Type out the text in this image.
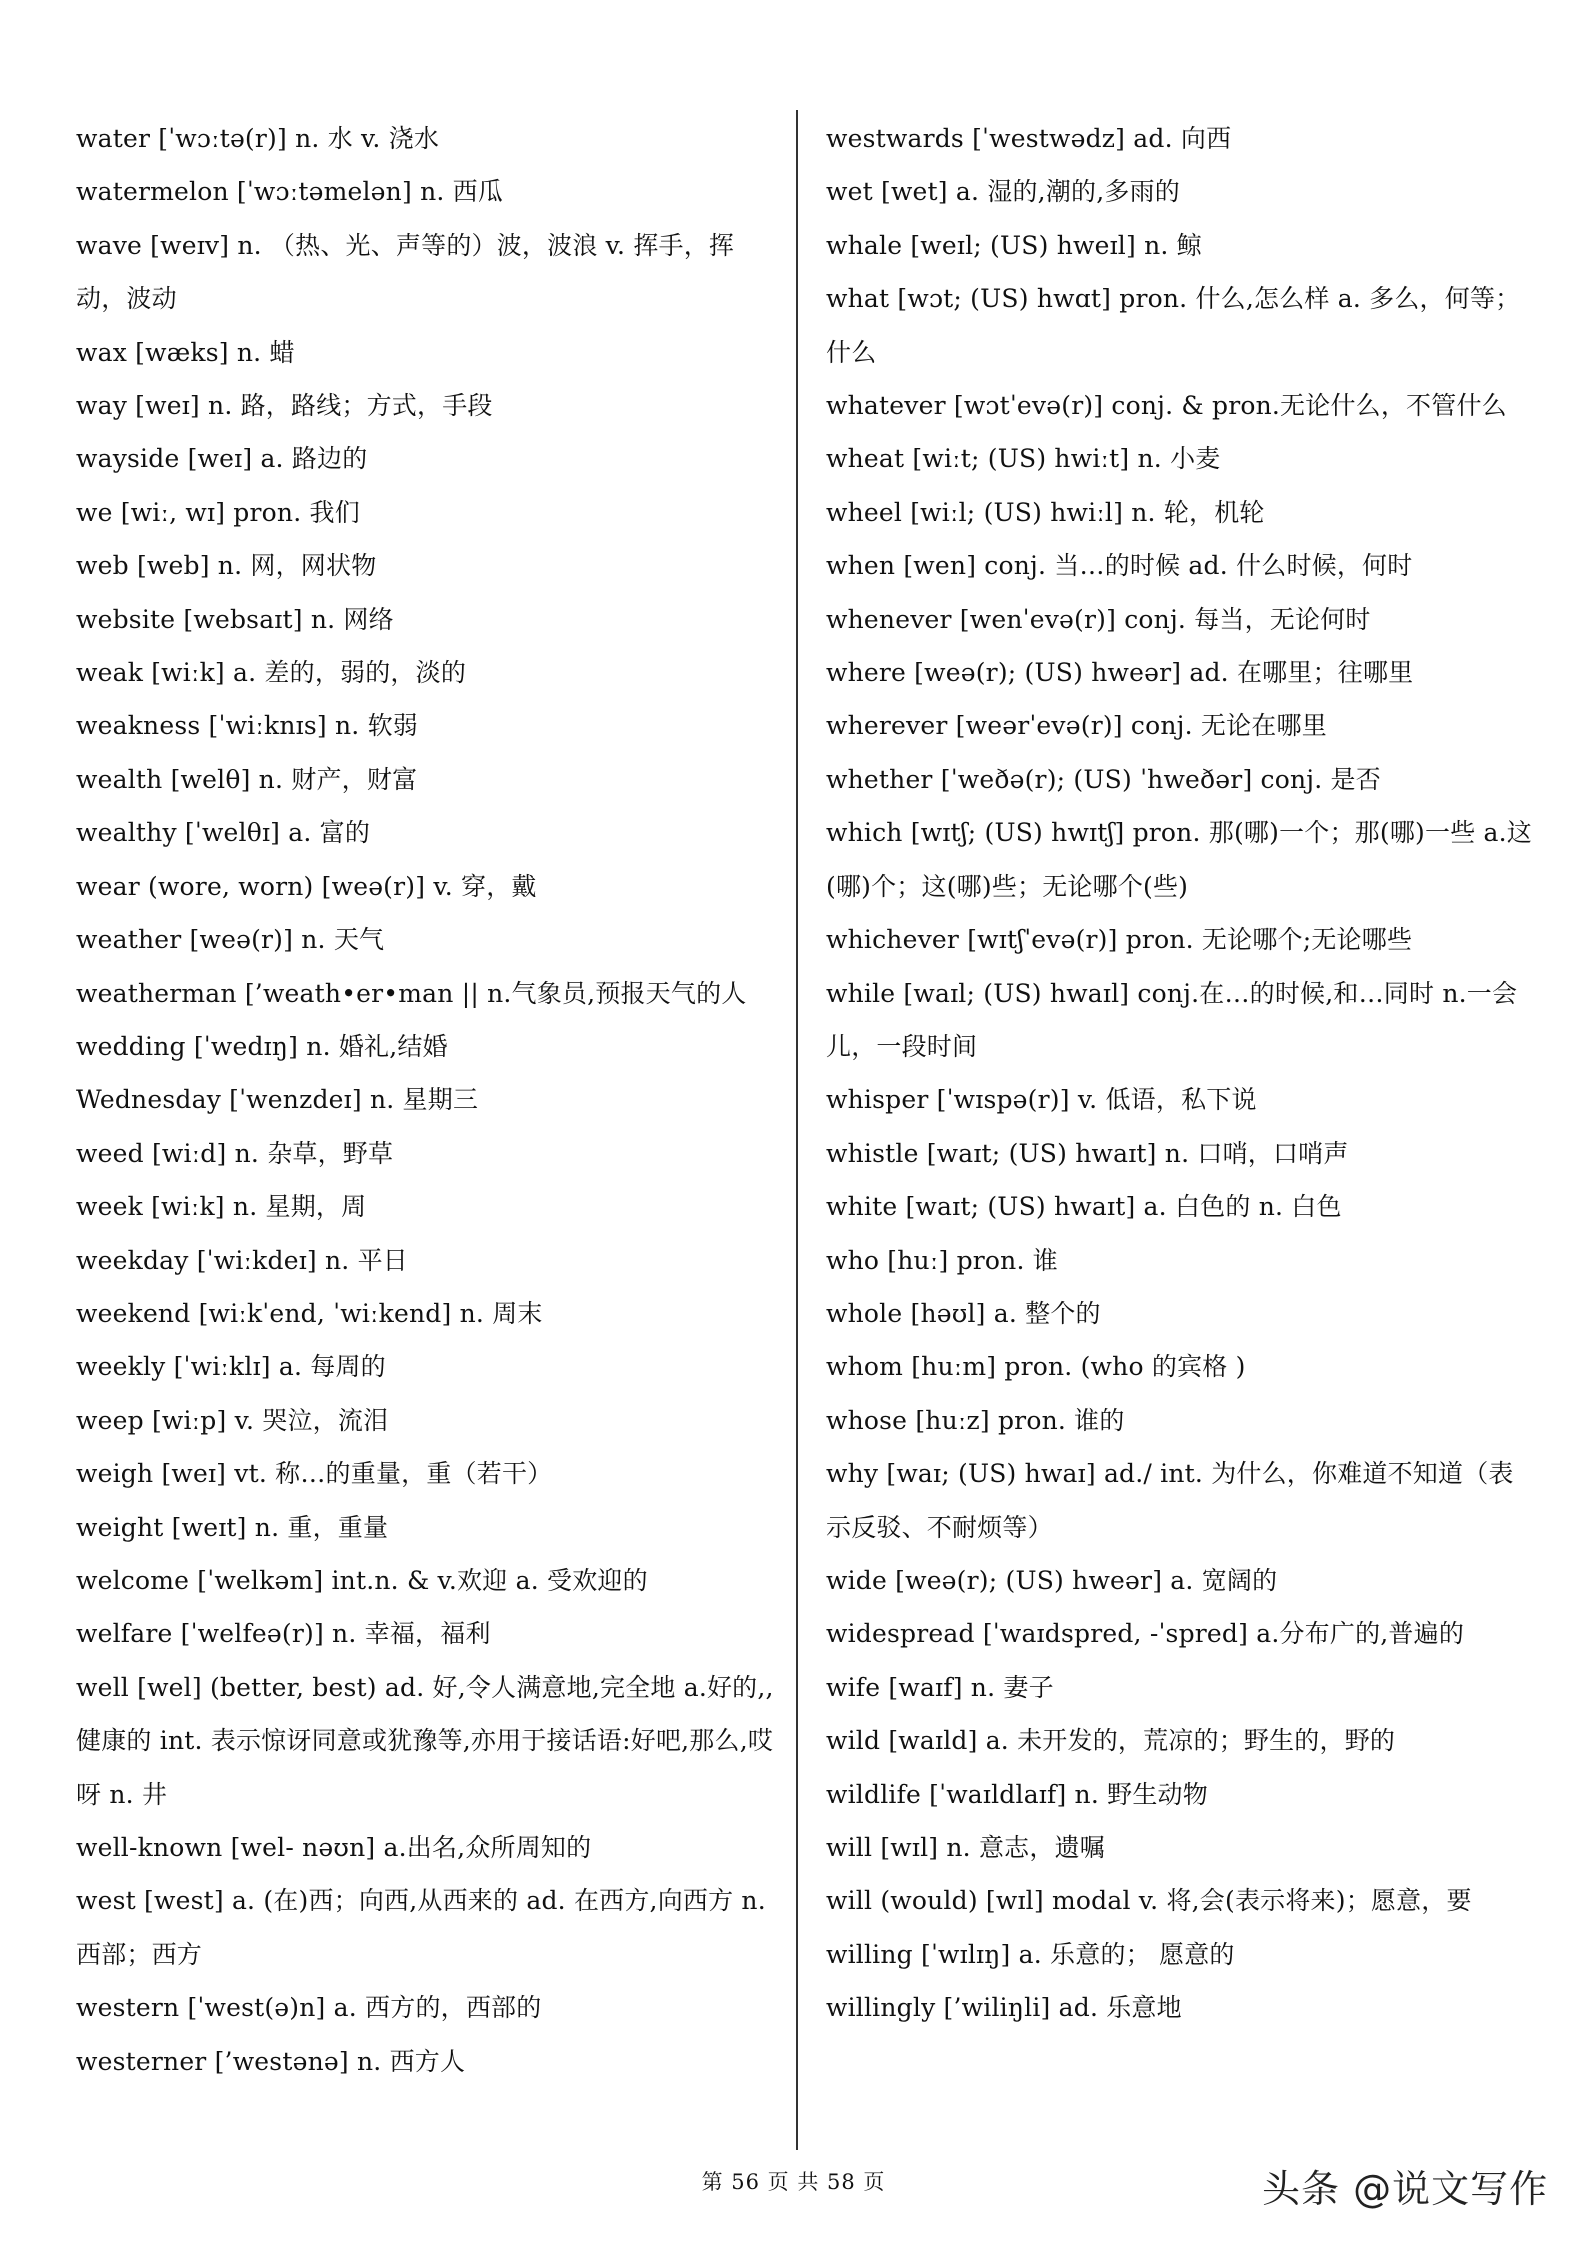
water [ˈwɔːtə(r)] n. 水 v. 浇水

watermelon [ˈwɔːtəmelən] n. 西瓜

wave [weɪv] n. （热、光、声等的）波，波浪 v. 挥手，挥动，波动

wax [wæks] n. 蜡

way [weɪ] n. 路，路线；方式，手段

wayside [weɪ] a. 路边的

we [wiː, wɪ] pron. 我们

web [web] n. 网，网状物

website [websaɪt] n. 网络

weak [wiːk] a. 差的，弱的，淡的

weakness [ˈwiːknɪs] n. 软弱

wealth [welθ] n. 财产，财富

wealthy [ˈwelθɪ] a. 富的

wear (wore, worn) [weə(r)] v. 穿，戴

weather [weə(r)] n. 天气

weatherman [’weath•er•man || n.气象员,预报天气的人

wedding [ˈwedɪŋ] n. 婚礼,结婚

Wednesday [ˈwenzdeɪ] n. 星期三

weed [wiːd] n. 杂草，野草

week [wiːk] n. 星期，周

weekday [ˈwiːkdeɪ] n. 平日

weekend [wiːkˈend, ˈwiːkend] n. 周末

weekly [ˈwiːklɪ] a. 每周的

weep [wiːp] v. 哭泣，流泪

weigh [weɪ] vt. 称…的重量，重（若干）

weight [weɪt] n. 重，重量

welcome [ˈwelkəm] int.n. & v.欢迎 a. 受欢迎的

welfare [ˈwelfeə(r)] n. 幸福，福利

well [wel] (better, best) ad. 好,令人满意地,完全地 a.好的,,健康的 int. 表示惊讶同意或犹豫等,亦用于接话语:好吧,那么,哎呀 n. 井

well-known [wel- nəʊn] a.出名,众所周知的

west [west] a. (在)西；向西,从西来的 ad. 在西方,向西方 n.西部；西方

western [ˈwest(ə)n] a. 西方的，西部的

westerner [’westənə] n. 西方人

westwards [ˈwestwədz] ad. 向西

wet [wet] a. 湿的,潮的,多雨的

whale [weɪl; (US) hweɪl] n. 鲸

what [wɔt; (US) hwɑt] pron. 什么,怎么样 a. 多么，何等；什么

whatever [wɔtˈevə(r)] conj. & pron.无论什么，不管什么

wheat [wiːt; (US) hwiːt] n. 小麦

wheel [wiːl; (US) hwiːl] n. 轮，机轮

when [wen] conj. 当…的时候 ad. 什么时候，何时

whenever [wenˈevə(r)] conj. 每当，无论何时

where [weə(r); (US) hweər] ad. 在哪里；往哪里

wherever [weərˈevə(r)] conj. 无论在哪里

whether [ˈweðə(r); (US) ˈhweðər] conj. 是否

which [wɪtʃ; (US) hwɪtʃ] pron. 那(哪)一个；那(哪)一些 a.这(哪)个；这(哪)些；无论哪个(些)

whichever [wɪtʃˈevə(r)] pron. 无论哪个;无论哪些

while [waɪl; (US) hwaɪl] conj.在…的时候,和…同时 n.一会儿，一段时间

whisper [ˈwɪspə(r)] v. 低语，私下说

whistle [waɪt; (US) hwaɪt] n. 口哨，口哨声

white [waɪt; (US) hwaɪt] a. 白色的 n. 白色

who [huː] pron. 谁

whole [həʊl] a. 整个的

whom [huːm] pron. (who 的宾格 )

whose [huːz] pron. 谁的

why [waɪ; (US) hwaɪ] ad./ int. 为什么，你难道不知道（表示反驳、不耐烦等）

wide [weə(r); (US) hweər] a. 宽阔的

widespread [ˈwaɪdspred, -ˈspred] a.分布广的,普遍的

wife [waɪf] n. 妻子

wild [waɪld] a. 未开发的，荒凉的；野生的，野的

wildlife [ˈwaɪldlaɪf] n. 野生动物

will [wɪl] n. 意志，遗嘱

will (would) [wɪl] modal v. 将,会(表示将来)；愿意，要

willing [ˈwɪlɪŋ] a. 乐意的； 愿意的

willingly [’wiliŋli] ad. 乐意地

第 56 页 共 58 页	头条 @说文写作
